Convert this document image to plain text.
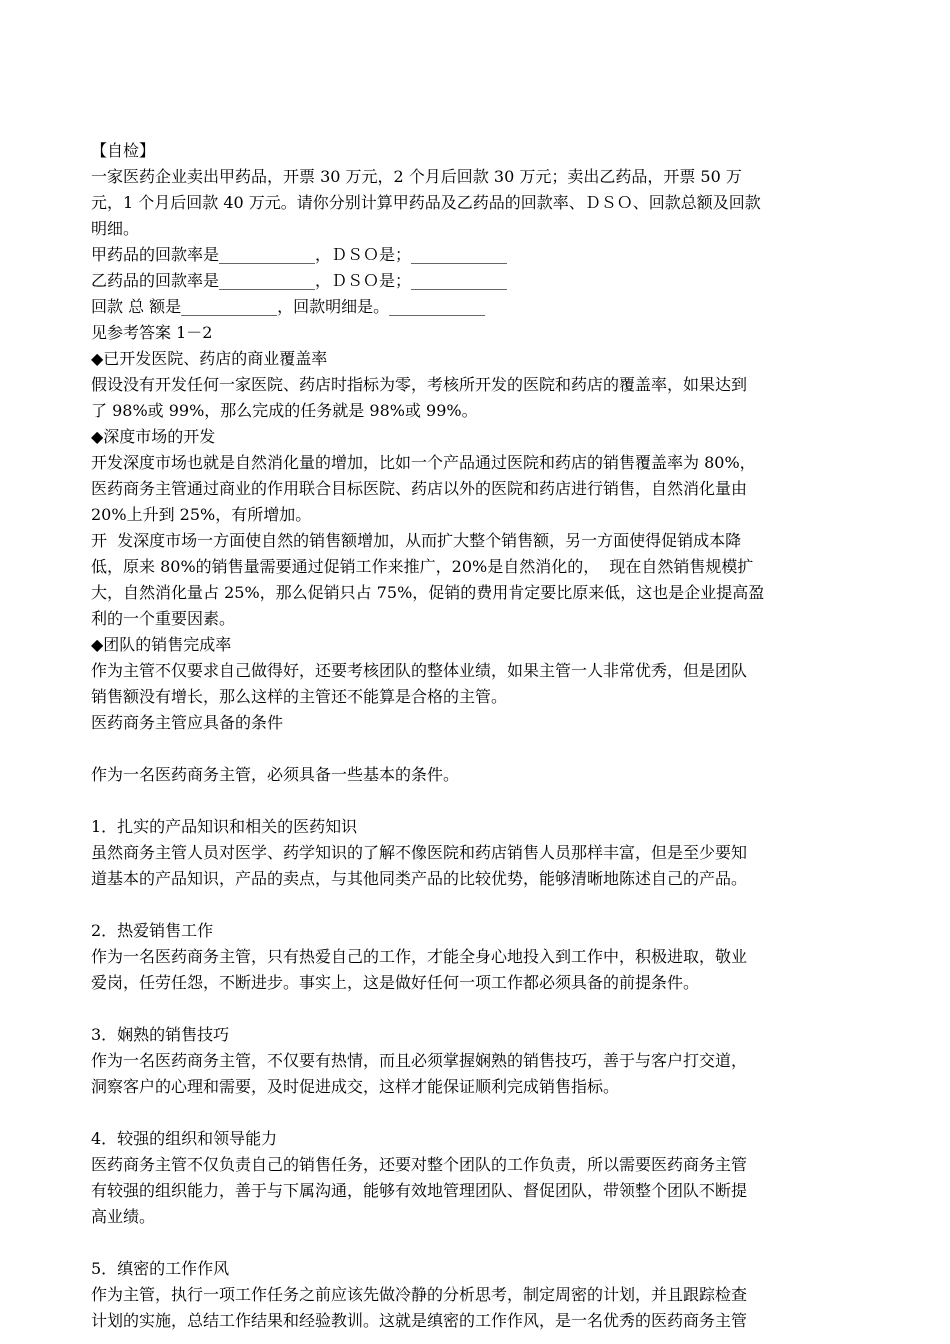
【自检】
一家医药企业卖出甲药品，开票 30 万元，2 个月后回款 30 万元；卖出乙药品，开票 50 万
元，1 个月后回款 40 万元。请你分别计算甲药品及乙药品的回款率、ＤＳＯ、回款总额及回款
明细。
甲药品的回款率是____________，ＤＳＯ是；____________
乙药品的回款率是____________，ＤＳＯ是；____________
回款 总 额是____________，回款明细是。____________
见参考答案 1－2
◆已开发医院、药店的商业覆盖率
假设没有开发任何一家医院、药店时指标为零，考核所开发的医院和药店的覆盖率，如果达到
了 98%或 99%，那么完成的任务就是 98%或 99%。
◆深度市场的开发
开发深度市场也就是自然消化量的增加，比如一个产品通过医院和药店的销售覆盖率为 80%，
医药商务主管通过商业的作用联合目标医院、药店以外的医院和药店进行销售，自然消化量由
20%上升到 25%，有所增加。
开  发深度市场一方面使自然的销售额增加，从而扩大整个销售额，另一方面使得促销成本降
低，原来 80%的销售量需要通过促销工作来推广，20%是自然消化的，  现在自然销售规模扩
大，自然消化量占 25%，那么促销只占 75%，促销的费用肯定要比原来低，这也是企业提高盈
利的一个重要因素。
◆团队的销售完成率
作为主管不仅要求自己做得好，还要考核团队的整体业绩，如果主管一人非常优秀，但是团队
销售额没有增长，那么这样的主管还不能算是合格的主管。
医药商务主管应具备的条件
作为一名医药商务主管，必须具备一些基本的条件。
1．扎实的产品知识和相关的医药知识
虽然商务主管人员对医学、药学知识的了解不像医院和药店销售人员那样丰富，但是至少要知
道基本的产品知识，产品的卖点，与其他同类产品的比较优势，能够清晰地陈述自己的产品。
2．热爱销售工作
作为一名医药商务主管，只有热爱自己的工作，才能全身心地投入到工作中，积极进取，敬业
爱岗，任劳任怨，不断进步。事实上，这是做好任何一项工作都必须具备的前提条件。
3．娴熟的销售技巧
作为一名医药商务主管，不仅要有热情，而且必须掌握娴熟的销售技巧，善于与客户打交道，
洞察客户的心理和需要，及时促进成交，这样才能保证顺利完成销售指标。
4．较强的组织和领导能力
医药商务主管不仅负责自己的销售任务，还要对整个团队的工作负责，所以需要医药商务主管
有较强的组织能力，善于与下属沟通，能够有效地管理团队、督促团队，带领整个团队不断提
高业绩。
5．缜密的工作作风
作为主管，执行一项工作任务之前应该先做冷静的分析思考，制定周密的计划，并且跟踪检查
计划的实施，总结工作结果和经验教训。这就是缜密的工作作风，是一名优秀的医药商务主管
